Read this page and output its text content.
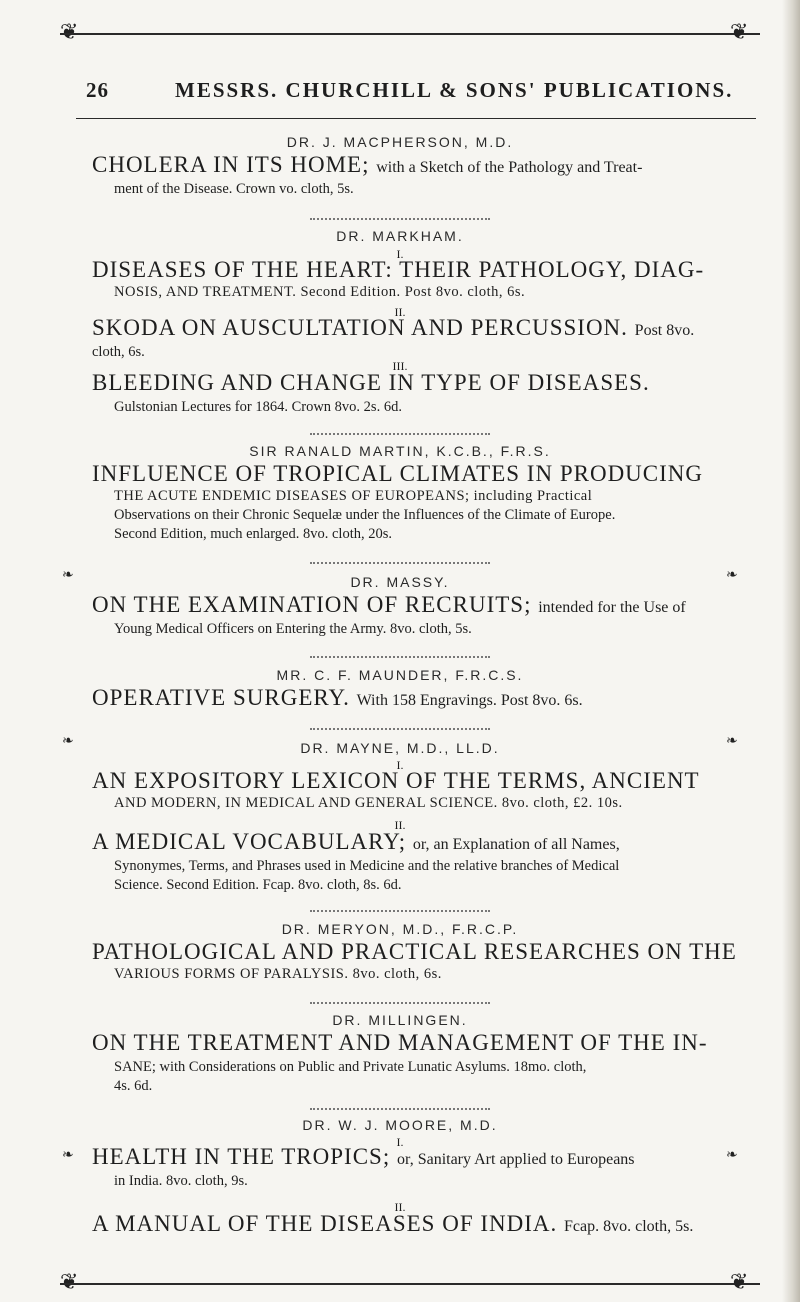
❦
26	MESSRS. CHURCHILL & SONS' PUBLICATIONS.
DR. J. MACPHERSON, M.D.
CHOLERA IN ITS HOME; with a Sketch of the Pathology and Treat-
ment of the Disease. Crown vo. cloth, 5s.
DR. MARKHAM.
I.
DISEASES OF THE HEART: THEIR PATHOLOGY, DIAG-
NOSIS, AND TREATMENT. Second Edition. Post 8vo. cloth, 6s.
II.
SKODA ON AUSCULTATION AND PERCUSSION. Post 8vo.
cloth, 6s.
III.
BLEEDING AND CHANGE IN TYPE OF DISEASES.
Gulstonian Lectures for 1864. Crown 8vo. 2s. 6d.
SIR RANALD MARTIN, K.C.B., F.R.S.
INFLUENCE OF TROPICAL CLIMATES IN PRODUCING
THE ACUTE ENDEMIC DISEASES OF EUROPEANS; including Practical
Observations on their Chronic Sequelæ under the Influences of the Climate of Europe.
Second Edition, much enlarged. 8vo. cloth, 20s.
❧	❧
DR. MASSY.
ON THE EXAMINATION OF RECRUITS; intended for the Use of
Young Medical Officers on Entering the Army. 8vo. cloth, 5s.
MR. C. F. MAUNDER, F.R.C.S.
OPERATIVE SURGERY. With 158 Engravings. Post 8vo. 6s.
❧	❧
DR. MAYNE, M.D., LL.D.
I.
AN EXPOSITORY LEXICON OF THE TERMS, ANCIENT
AND MODERN, IN MEDICAL AND GENERAL SCIENCE. 8vo. cloth, £2. 10s.
II.
A MEDICAL VOCABULARY; or, an Explanation of all Names,
Synonymes, Terms, and Phrases used in Medicine and the relative branches of Medical
Science. Second Edition. Fcap. 8vo. cloth, 8s. 6d.
DR. MERYON, M.D., F.R.C.P.
PATHOLOGICAL AND PRACTICAL RESEARCHES ON THE
VARIOUS FORMS OF PARALYSIS. 8vo. cloth, 6s.
DR. MILLINGEN.
ON THE TREATMENT AND MANAGEMENT OF THE IN-
SANE; with Considerations on Public and Private Lunatic Asylums. 18mo. cloth,
4s. 6d.
DR. W. J. MOORE, M.D.
I.
❧	❧
HEALTH IN THE TROPICS; or, Sanitary Art applied to Europeans
in India. 8vo. cloth, 9s.
II.
A MANUAL OF THE DISEASES OF INDIA. Fcap. 8vo. cloth, 5s.
❦
